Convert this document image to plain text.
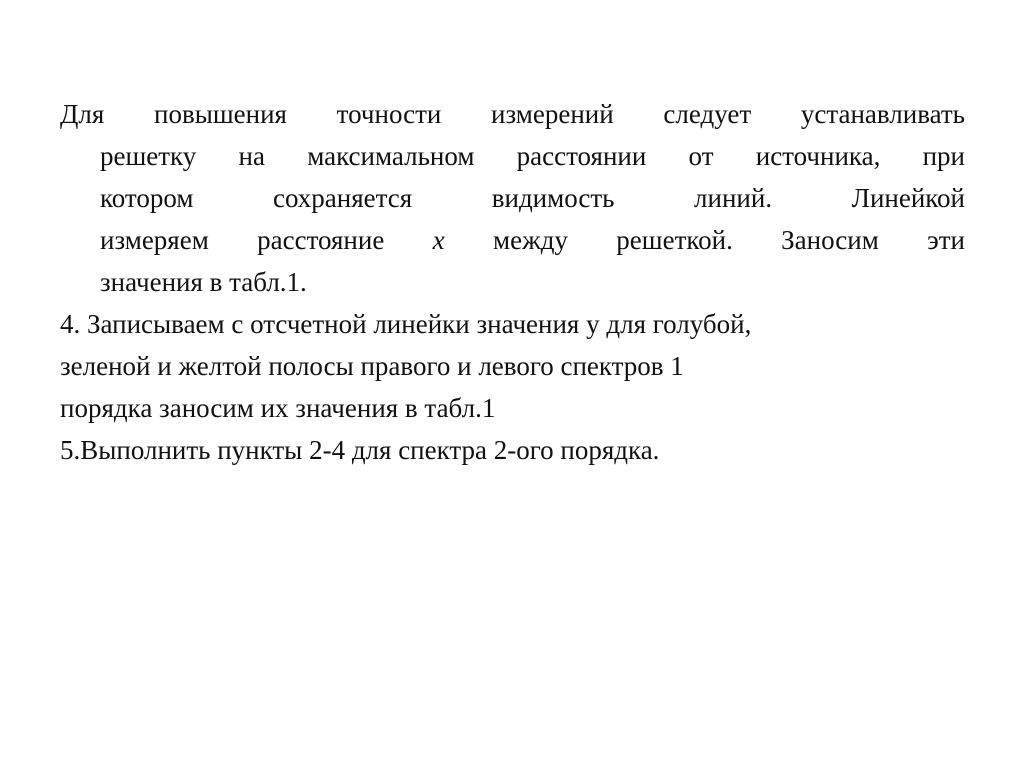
Для повышения точности измерений следует устанавливать
решетку на максимальном расстоянии от источника, при
котором сохраняется видимость линий. Линейкой
измеряем расстояние x между решеткой. Заносим эти
значения в табл.1.
4. Записываем с отсчетной линейки значения у для голубой,
зеленой и желтой полосы правого и левого спектров 1
порядка заносим их значения в табл.1
5.Выполнить пункты 2-4 для спектра 2-ого порядка.
